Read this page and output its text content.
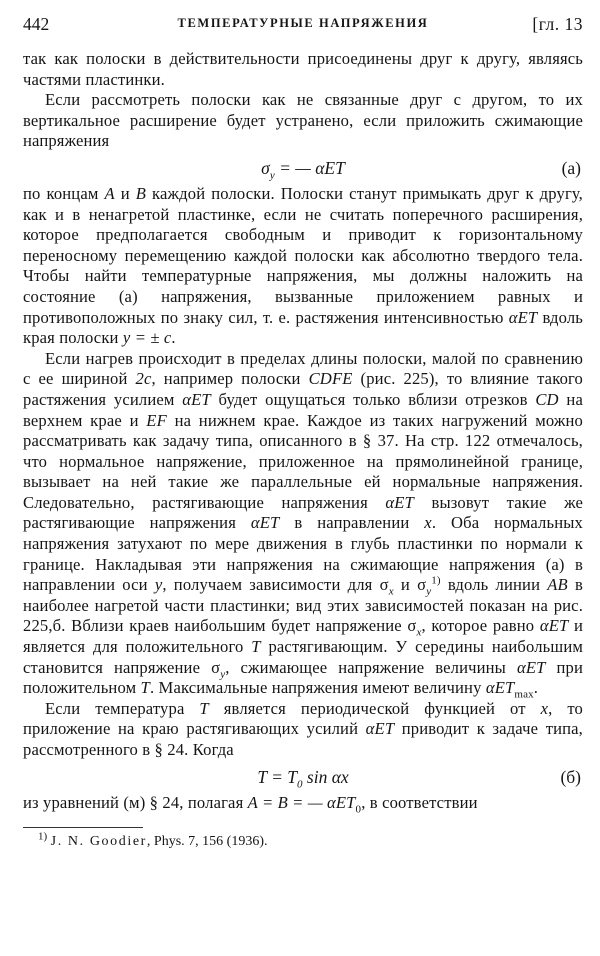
442	ТЕМПЕРАТУРНЫЕ НАПРЯЖЕНИЯ	[гл. 13

так как полоски в действительности присоединены друг к другу, являясь частями пластинки.

Если рассмотреть полоски как не связанные друг с другом, то их вертикальное расширение будет устранено, если приложить сжимающие напряжения

$\sigma_y$ = — αET	(а)

по концам A и B каждой полоски. Полоски станут примыкать друг к другу, как и в ненагретой пластинке, если не считать поперечного расширения, которое предполагается свободным и приводит к горизонтальному переносному перемещению каждой полоски как абсолютно твердого тела. Чтобы найти температурные напряжения, мы должны наложить на состояние (а) напряжения, вызванные приложением равных и противоположных по знаку сил, т. е. растяжения интенсивностью αET вдоль края полоски y = ± c.

Если нагрев происходит в пределах длины полоски, малой по сравнению с ее шириной 2c, например полоски CDFE (рис. 225), то влияние такого растяжения усилием αET будет ощущаться только вблизи отрезков CD на верхнем крае и EF на нижнем крае. Каждое из таких нагружений можно рассматривать как задачу типа, описанного в § 37. На стр. 122 отмечалось, что нормальное напряжение, приложенное на прямолинейной границе, вызывает на ней такие же параллельные ей нормальные напряжения. Следовательно, растягивающие напряжения αET вызовут такие же растягивающие напряжения αET в направлении x. Оба нормальных напряжения затухают по мере движения в глубь пластинки по нормали к границе. Накладывая эти напряжения на сжимающие напряжения (а) в направлении оси y, получаем зависимости для $\sigma_x$ и $\sigma_y^{1)}$ вдоль линии AB в наиболее нагретой части пластинки; вид этих зависимостей показан на рис. 225,б. Вблизи краев наибольшим будет напряжение $\sigma_x$, которое равно αET и является для положительного T растягивающим. У середины наибольшим становится напряжение $\sigma_y$, сжимающее напряжение величины αET при положительном T. Максимальные напряжения имеют величину αET$_{max}$.

Если температура T является периодической функцией от x, то приложение на краю растягивающих усилий αET приводит к задаче типа, рассмотренного в § 24. Когда

$T = T_0$ sin αx	(б)

из уравнений (м) § 24, полагая A = B = — αET$_0$, в соответствии

$^{1)}$ J. N. Goodier, Phys. 7, 156 (1936).
